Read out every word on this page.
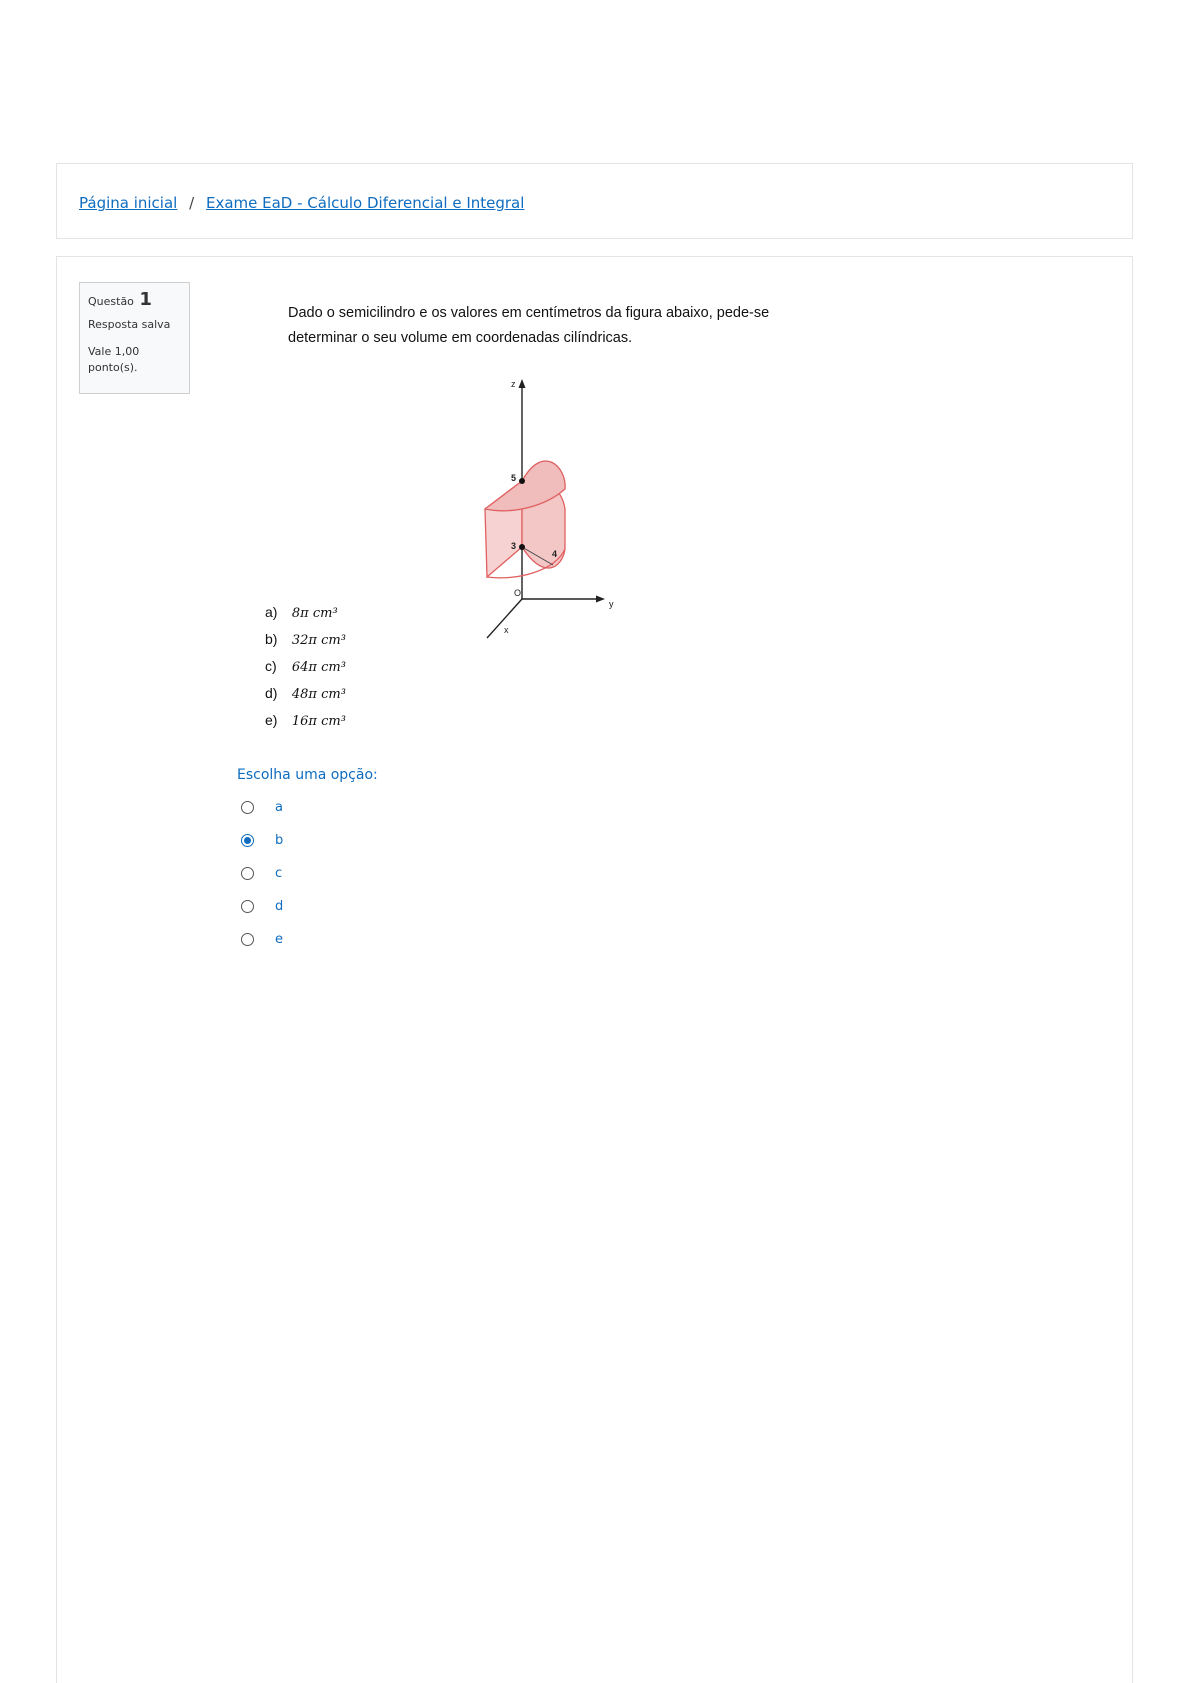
Página inicial / Exame EaD - Cálculo Diferencial e Integral
Questão 1
Resposta salva
Vale 1,00 ponto(s).
Dado o semicilindro e os valores em centímetros da figura abaixo, pede-se determinar o seu volume em coordenadas cilíndricas.
z
y
x
O
5
3
4
a) 8π cm³
b) 32π cm³
c) 64π cm³
d) 48π cm³
e) 16π cm³
Escolha uma opção:
a
b
c
d
e
